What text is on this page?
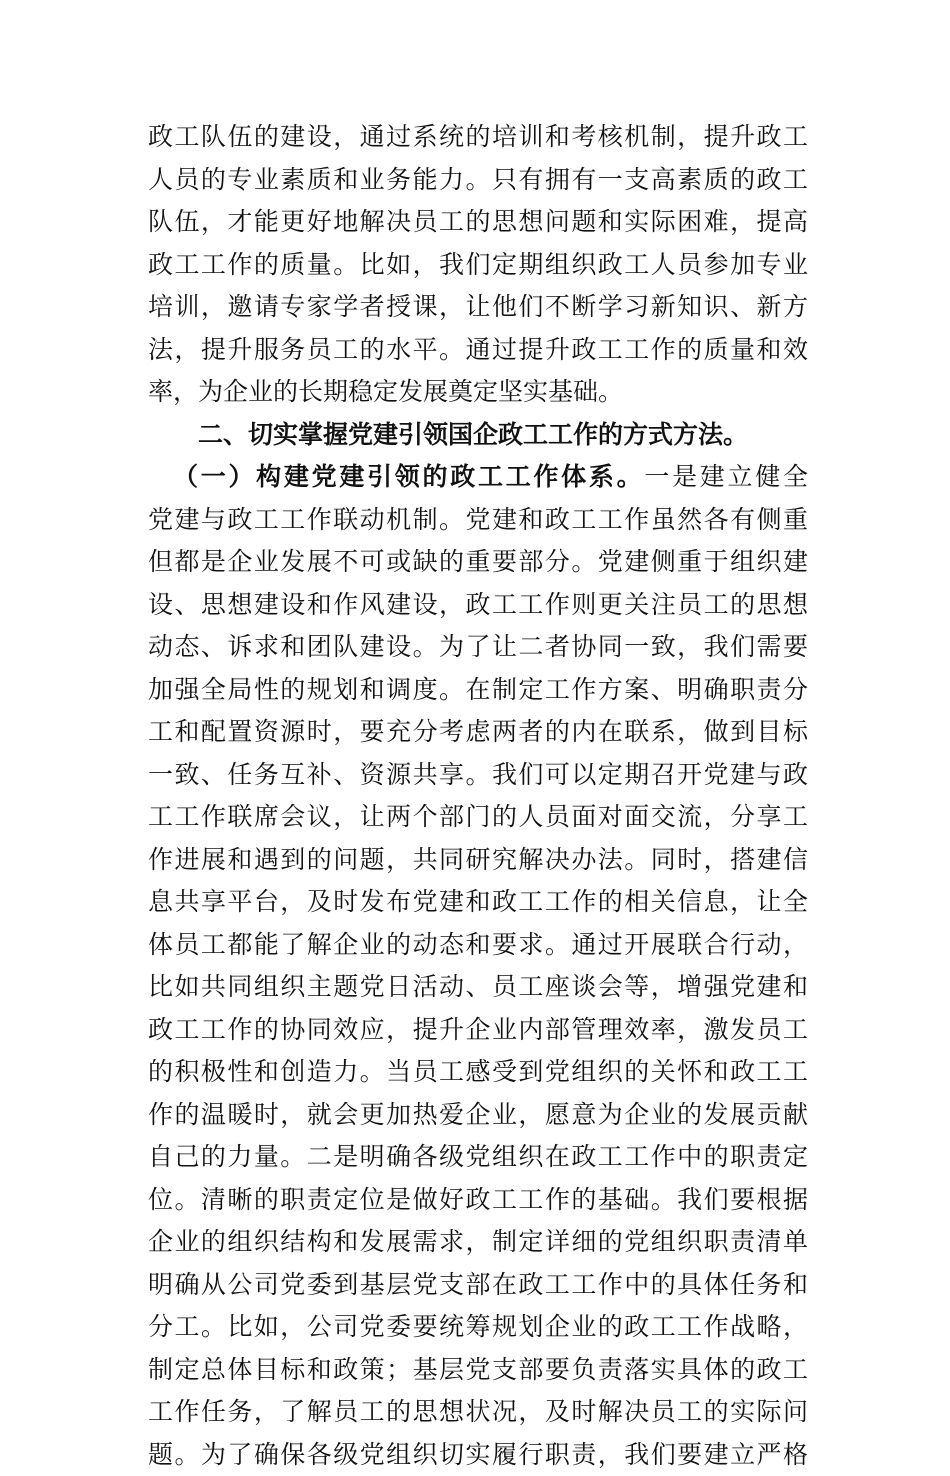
政工队伍的建设，通过系统的培训和考核机制，提升政工
人员的专业素质和业务能力。只有拥有一支高素质的政工
队伍，才能更好地解决员工的思想问题和实际困难，提高
政工工作的质量。比如，我们定期组织政工人员参加专业
培训，邀请专家学者授课，让他们不断学习新知识、新方
法，提升服务员工的水平。通过提升政工工作的质量和效
率，为企业的长期稳定发展奠定坚实基础。
二、切实掌握党建引领国企政工工作的方式方法。
（一）构建党建引领的政工工作体系。一是建立健全
党建与政工工作联动机制。党建和政工工作虽然各有侧重
但都是企业发展不可或缺的重要部分。党建侧重于组织建
设、思想建设和作风建设，政工工作则更关注员工的思想
动态、诉求和团队建设。为了让二者协同一致，我们需要
加强全局性的规划和调度。在制定工作方案、明确职责分
工和配置资源时，要充分考虑两者的内在联系，做到目标
一致、任务互补、资源共享。我们可以定期召开党建与政
工工作联席会议，让两个部门的人员面对面交流，分享工
作进展和遇到的问题，共同研究解决办法。同时，搭建信
息共享平台，及时发布党建和政工工作的相关信息，让全
体员工都能了解企业的动态和要求。通过开展联合行动，
比如共同组织主题党日活动、员工座谈会等，增强党建和
政工工作的协同效应，提升企业内部管理效率，激发员工
的积极性和创造力。当员工感受到党组织的关怀和政工工
作的温暖时，就会更加热爱企业，愿意为企业的发展贡献
自己的力量。二是明确各级党组织在政工工作中的职责定
位。清晰的职责定位是做好政工工作的基础。我们要根据
企业的组织结构和发展需求，制定详细的党组织职责清单
明确从公司党委到基层党支部在政工工作中的具体任务和
分工。比如，公司党委要统筹规划企业的政工工作战略，
制定总体目标和政策；基层党支部要负责落实具体的政工
工作任务，了解员工的思想状况，及时解决员工的实际问
题。为了确保各级党组织切实履行职责，我们要建立严格
